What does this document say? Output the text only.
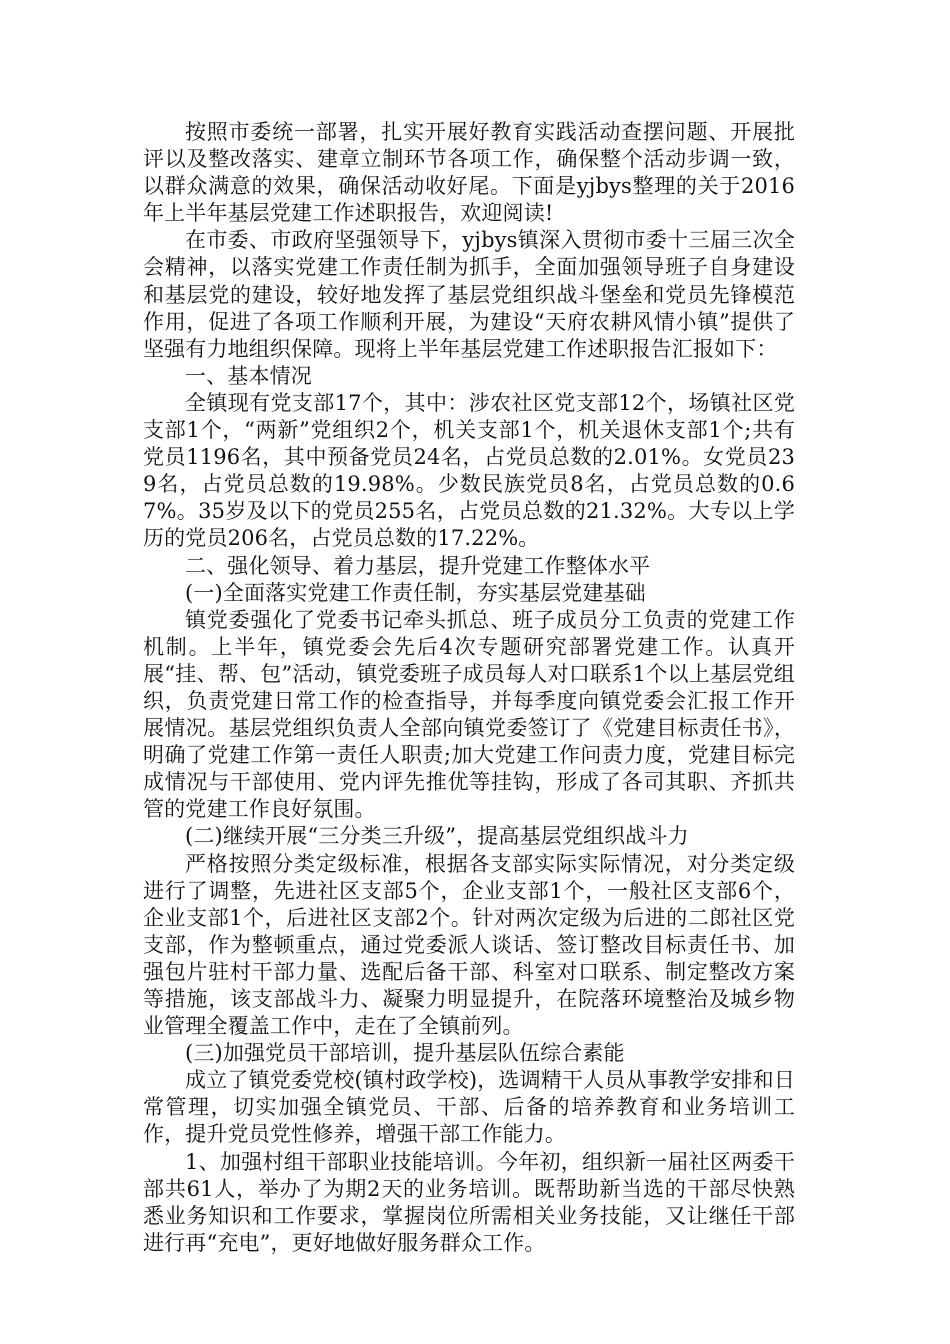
按照市委统一部署，扎实开展好教育实践活动查摆问题、开展批评以及整改落实、建章立制环节各项工作，确保整个活动步调一致，以群众满意的效果，确保活动收好尾。下面是yjbys整理的关于2016年上半年基层党建工作述职报告，欢迎阅读!

在市委、市政府坚强领导下，yjbys镇深入贯彻市委十三届三次全会精神，以落实党建工作责任制为抓手，全面加强领导班子自身建设和基层党的建设，较好地发挥了基层党组织战斗堡垒和党员先锋模范作用，促进了各项工作顺利开展，为建设“天府农耕风情小镇”提供了坚强有力地组织保障。现将上半年基层党建工作述职报告汇报如下：

一、基本情况

全镇现有党支部17个，其中：涉农社区党支部12个，场镇社区党支部1个，“两新”党组织2个，机关支部1个，机关退休支部1个;共有党员1196名，其中预备党员24名，占党员总数的2.01%。女党员239名，占党员总数的19.98%。少数民族党员8名，占党员总数的0.67%。35岁及以下的党员255名，占党员总数的21.32%。大专以上学历的党员206名，占党员总数的17.22%。

二、强化领导、着力基层，提升党建工作整体水平

(一)全面落实党建工作责任制，夯实基层党建基础

镇党委强化了党委书记牵头抓总、班子成员分工负责的党建工作机制。上半年，镇党委会先后4次专题研究部署党建工作。认真开展“挂、帮、包”活动，镇党委班子成员每人对口联系1个以上基层党组织，负责党建日常工作的检查指导，并每季度向镇党委会汇报工作开展情况。基层党组织负责人全部向镇党委签订了《党建目标责任书》，明确了党建工作第一责任人职责;加大党建工作问责力度，党建目标完成情况与干部使用、党内评先推优等挂钩，形成了各司其职、齐抓共管的党建工作良好氛围。

(二)继续开展“三分类三升级”，提高基层党组织战斗力

严格按照分类定级标准，根据各支部实际实际情况，对分类定级进行了调整，先进社区支部5个，企业支部1个，一般社区支部6个，企业支部1个，后进社区支部2个。针对两次定级为后进的二郎社区党支部，作为整顿重点，通过党委派人谈话、签订整改目标责任书、加强包片驻村干部力量、选配后备干部、科室对口联系、制定整改方案等措施，该支部战斗力、凝聚力明显提升，在院落环境整治及城乡物业管理全覆盖工作中，走在了全镇前列。

(三)加强党员干部培训，提升基层队伍综合素能

成立了镇党委党校(镇村政学校)，选调精干人员从事教学安排和日常管理，切实加强全镇党员、干部、后备的培养教育和业务培训工作，提升党员党性修养，增强干部工作能力。

1、加强村组干部职业技能培训。今年初，组织新一届社区两委干部共61人，举办了为期2天的业务培训。既帮助新当选的干部尽快熟悉业务知识和工作要求，掌握岗位所需相关业务技能，又让继任干部进行再“充电”，更好地做好服务群众工作。
